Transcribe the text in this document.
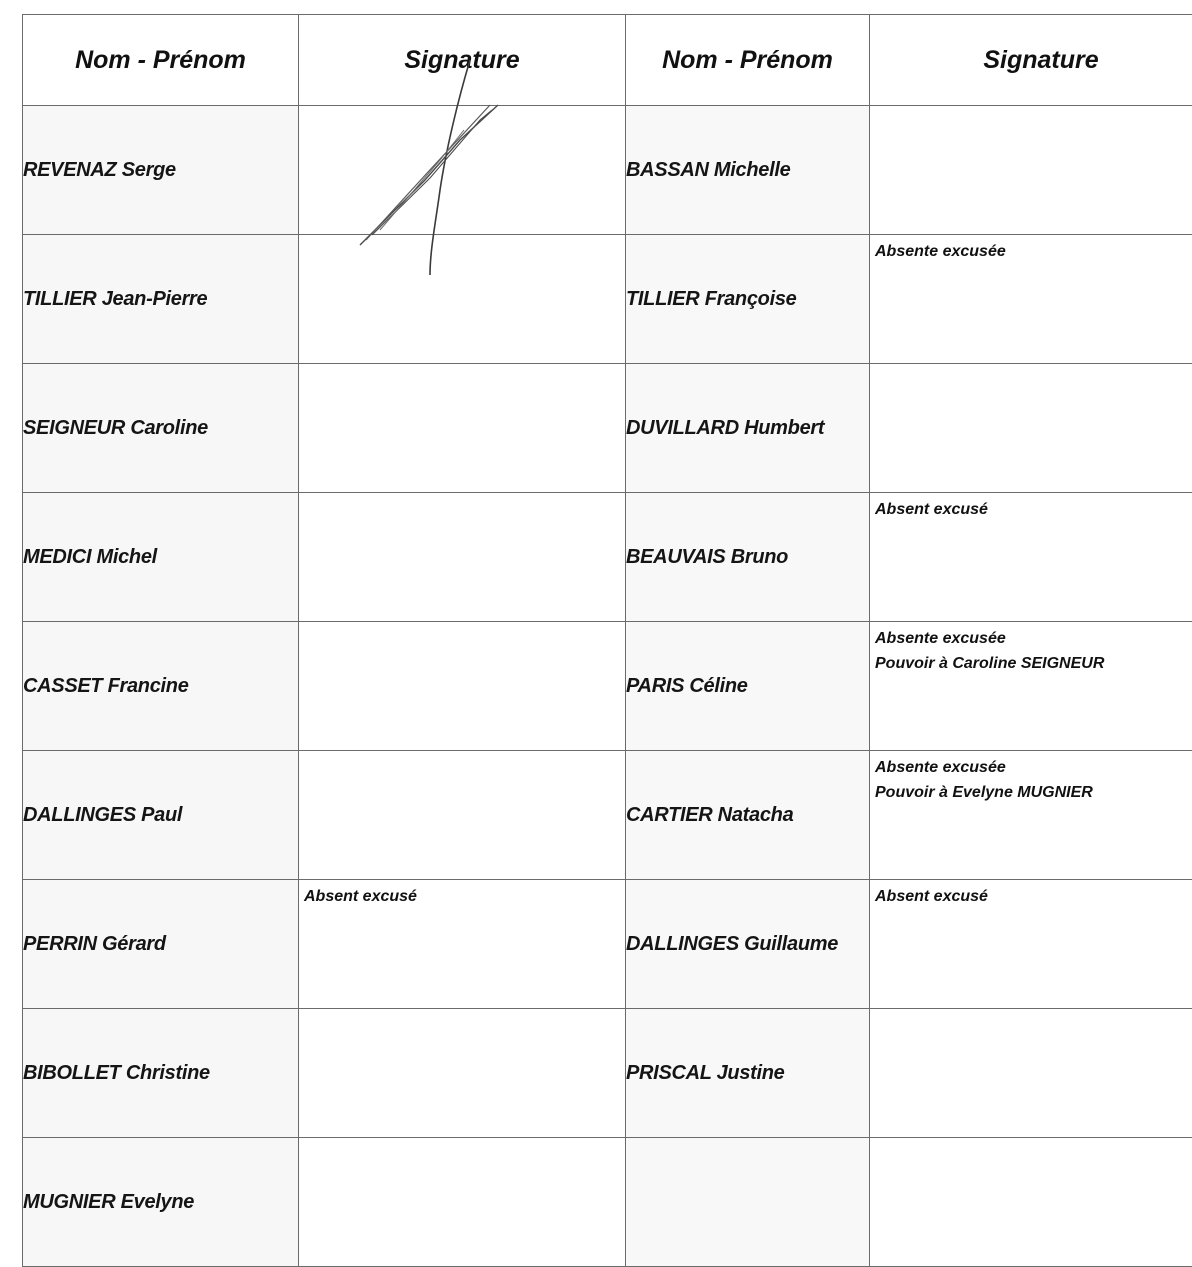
Nom - Prénom	Signature	Nom - Prénom	Signature
REVENAZ Serge		BASSAN Michelle	
TILLIER Jean-Pierre		TILLIER Françoise	Absente excusée

SEIGNEUR Caroline		DUVILLARD Humbert	
MEDICI Michel		BEAUVAIS Bruno	Absent excusé

CASSET Francine		PARIS Céline	Absente excusée
Pouvoir à Caroline SEIGNEUR

DALLINGES Paul		CARTIER Natacha	Absente excusée
Pouvoir à Evelyne MUGNIER

PERRIN Gérard	Absent excusé	DALLINGES Guillaume	Absent excusé

BIBOLLET Christine		PRISCAL Justine	
MUGNIER Evelyne			
